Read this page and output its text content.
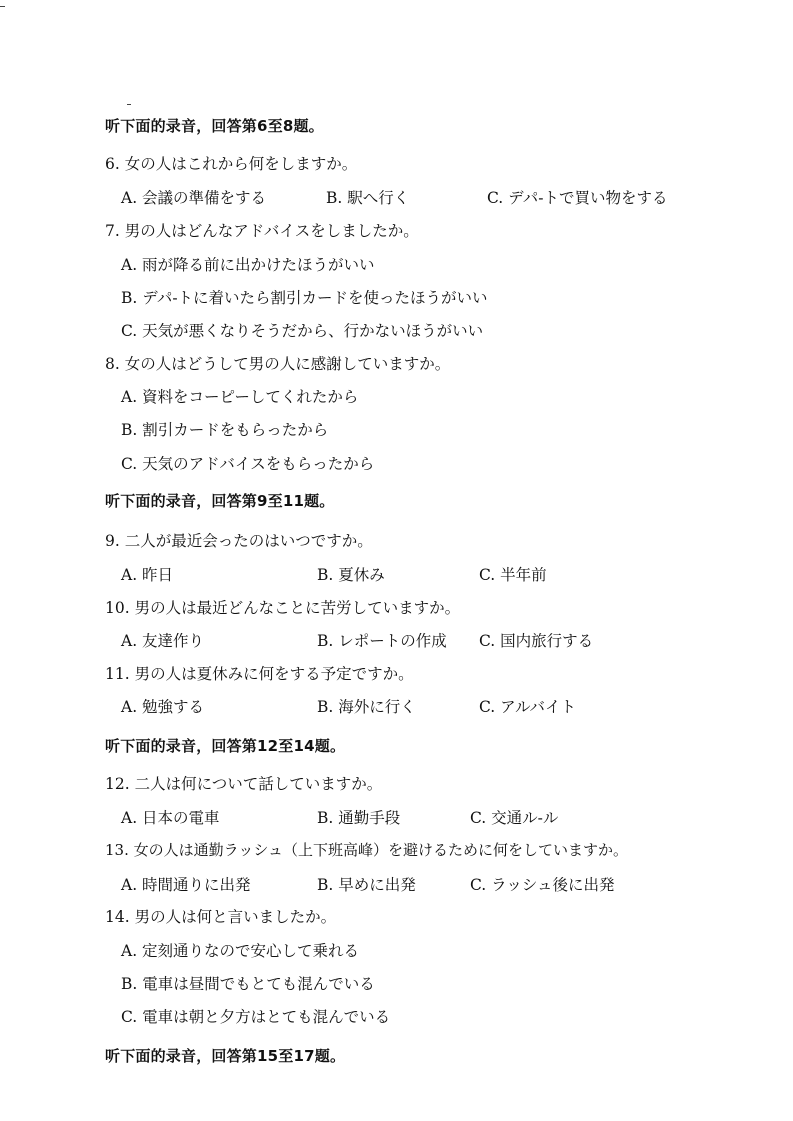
听下面的录音，回答第6至8题。
6. 女の人はこれから何をしますか。
A. 会議の準備をする	B. 駅へ行く	C. デパ-トで買い物をする
7. 男の人はどんなアドバイスをしましたか。
A. 雨が降る前に出かけたほうがいい
B. デパ-トに着いたら割引カードを使ったほうがいい
C. 天気が悪くなりそうだから、行かないほうがいい
8. 女の人はどうして男の人に感謝していますか。
A. 資料をコーピーしてくれたから
B. 割引カードをもらったから
C. 天気のアドバイスをもらったから
听下面的录音，回答第9至11题。
9. 二人が最近会ったのはいつですか。
A. 昨日	B. 夏休み	C. 半年前
10. 男の人は最近どんなことに苦労していますか。
A. 友達作り	B. レポートの作成 C. 国内旅行する
11. 男の人は夏休みに何をする予定ですか。
A. 勉強する	B. 海外に行く	C. アルバイト
听下面的录音，回答第12至14题。
12. 二人は何について話していますか。
A. 日本の電車	B. 通勤手段	C. 交通ル-ル
13. 女の人は通勤ラッシュ（上下班高峰）を避けるために何をしていますか。
A. 時間通りに出発	B. 早めに出発	C. ラッシュ後に出発
14. 男の人は何と言いましたか。
A. 定刻通りなので安心して乗れる
B. 電車は昼間でもとても混んでいる
C. 電車は朝と夕方はとても混んでいる
听下面的录音，回答第15至17题。
